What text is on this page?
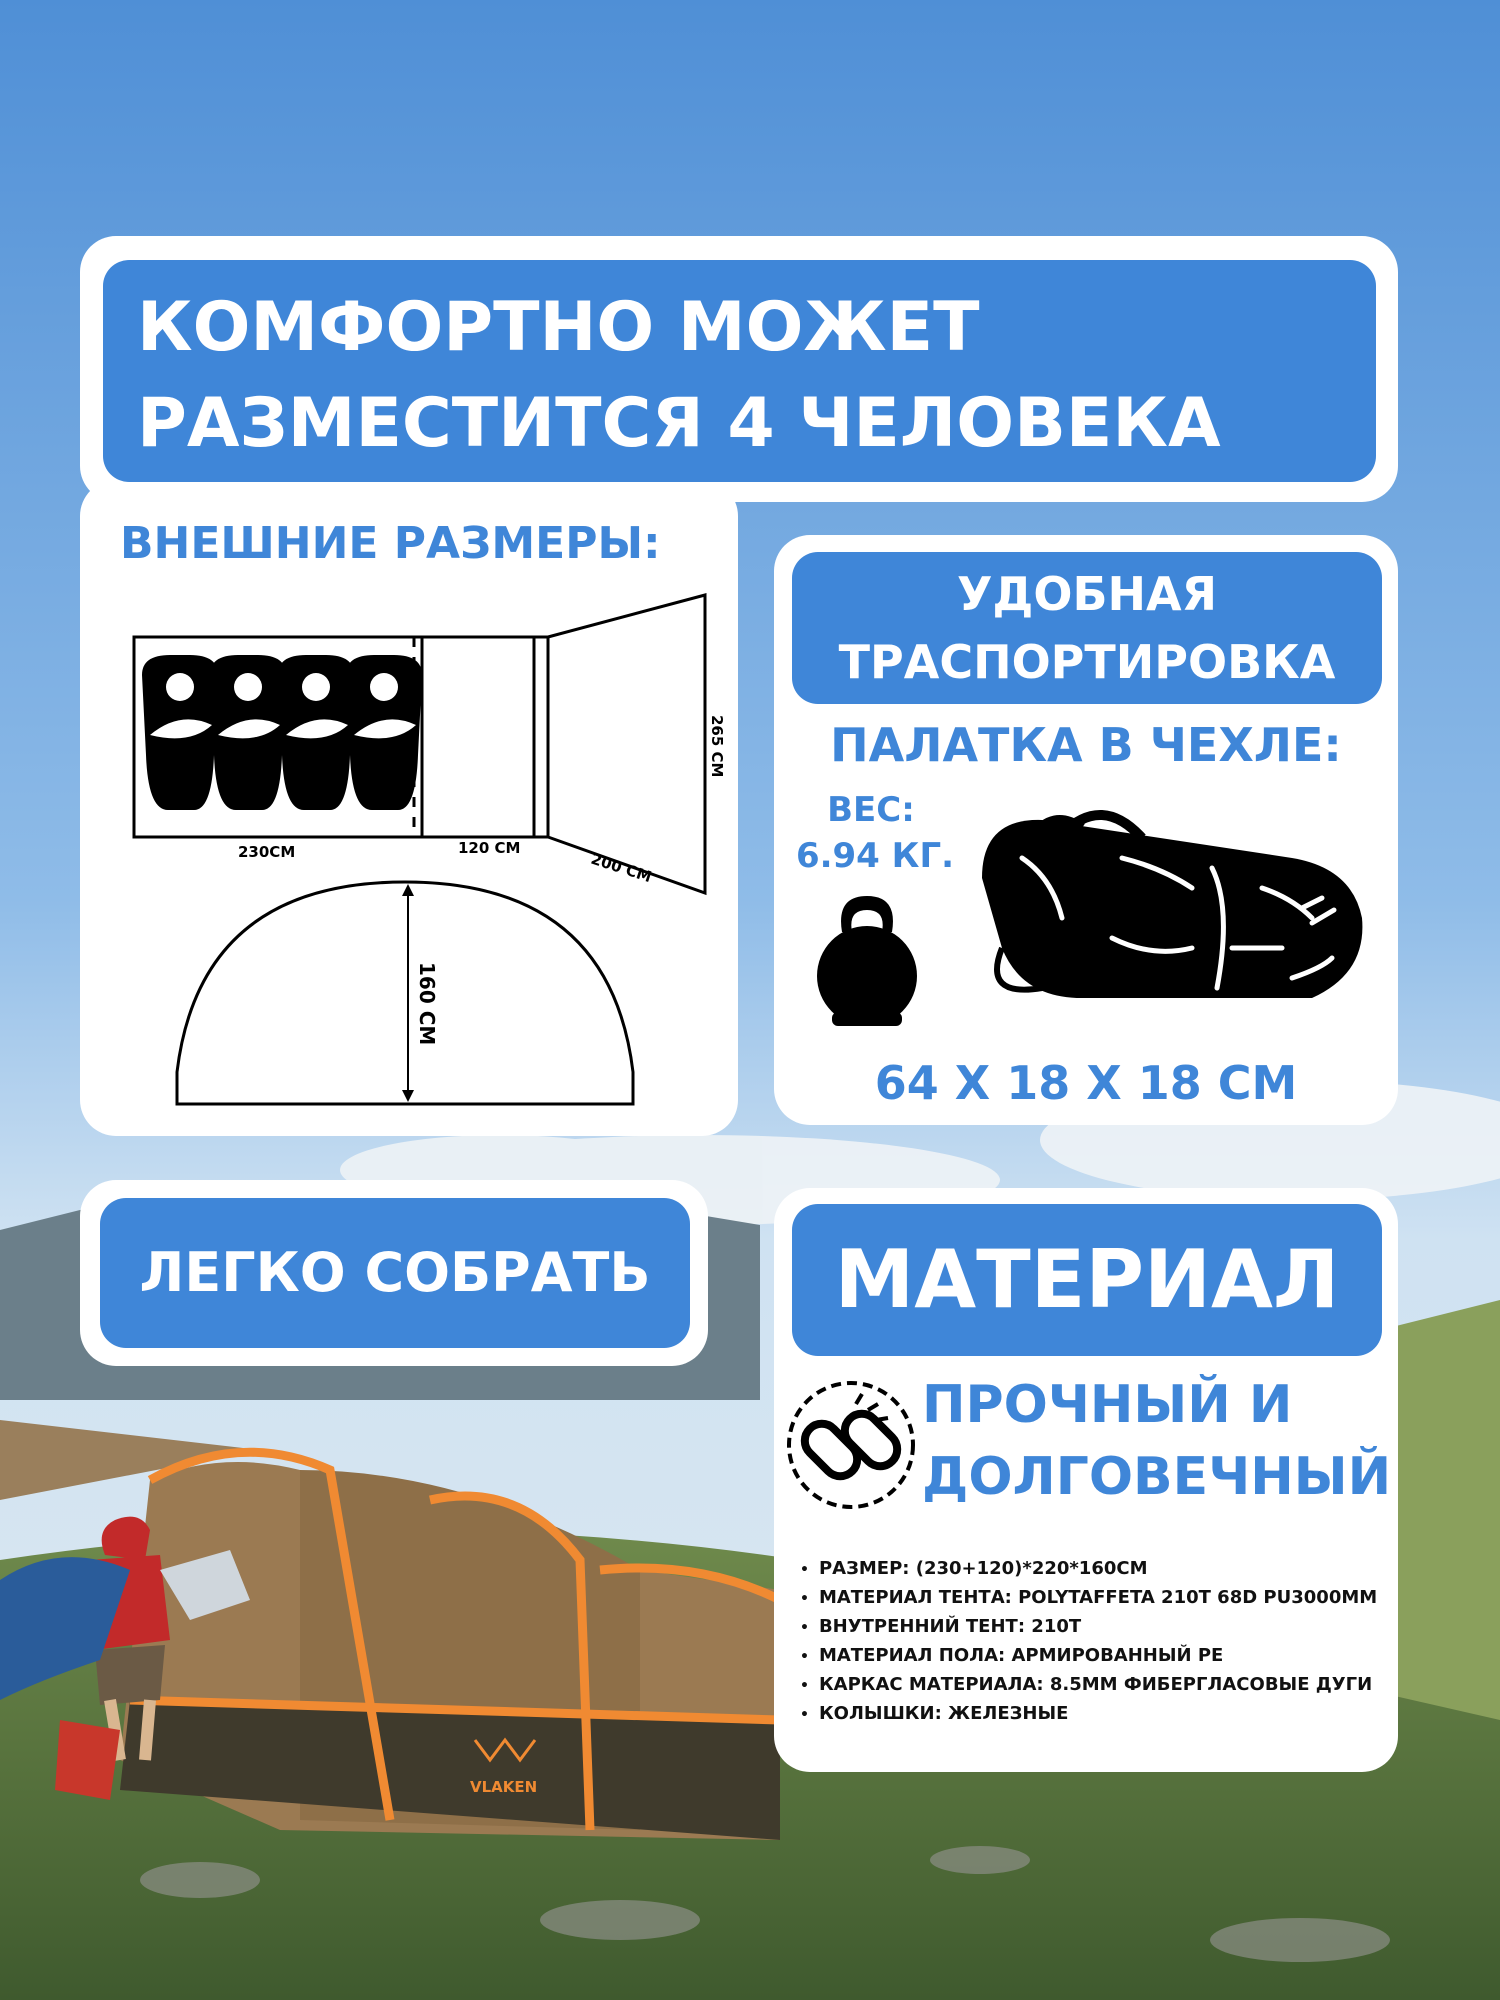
VLAKEN
КОМФОРТНО МОЖЕТ
РАЗМЕСТИТСЯ 4 ЧЕЛОВЕКА
ВНЕШНИЕ РАЗМЕРЫ:
230СМ	120 СМ
200 СМ
265 СМ
160 СМ
УДОБНАЯ
ТРАСПОРТИРОВКА
ПАЛАТКА В ЧЕХЛЕ:
ВЕС:
6.94 КГ.
64 X 18 X 18 CM
ЛЕГКО СОБРАТЬ	МАТЕРИАЛ
ПРОЧНЫЙ И
ДОЛГОВЕЧНЫЙ
• РАЗМЕР: (230+120)*220*160СМ
• МАТЕРИАЛ ТЕНТА: POLYTAFFETA 210T 68D PU3000MM
• ВНУТРЕННИЙ ТЕНТ: 210T
• МАТЕРИАЛ ПОЛА: АРМИРОВАННЫЙ PE
• КАРКАС МАТЕРИАЛА: 8.5MM ФИБЕРГЛАСОВЫЕ ДУГИ
• КОЛЫШКИ: ЖЕЛЕЗНЫЕ
